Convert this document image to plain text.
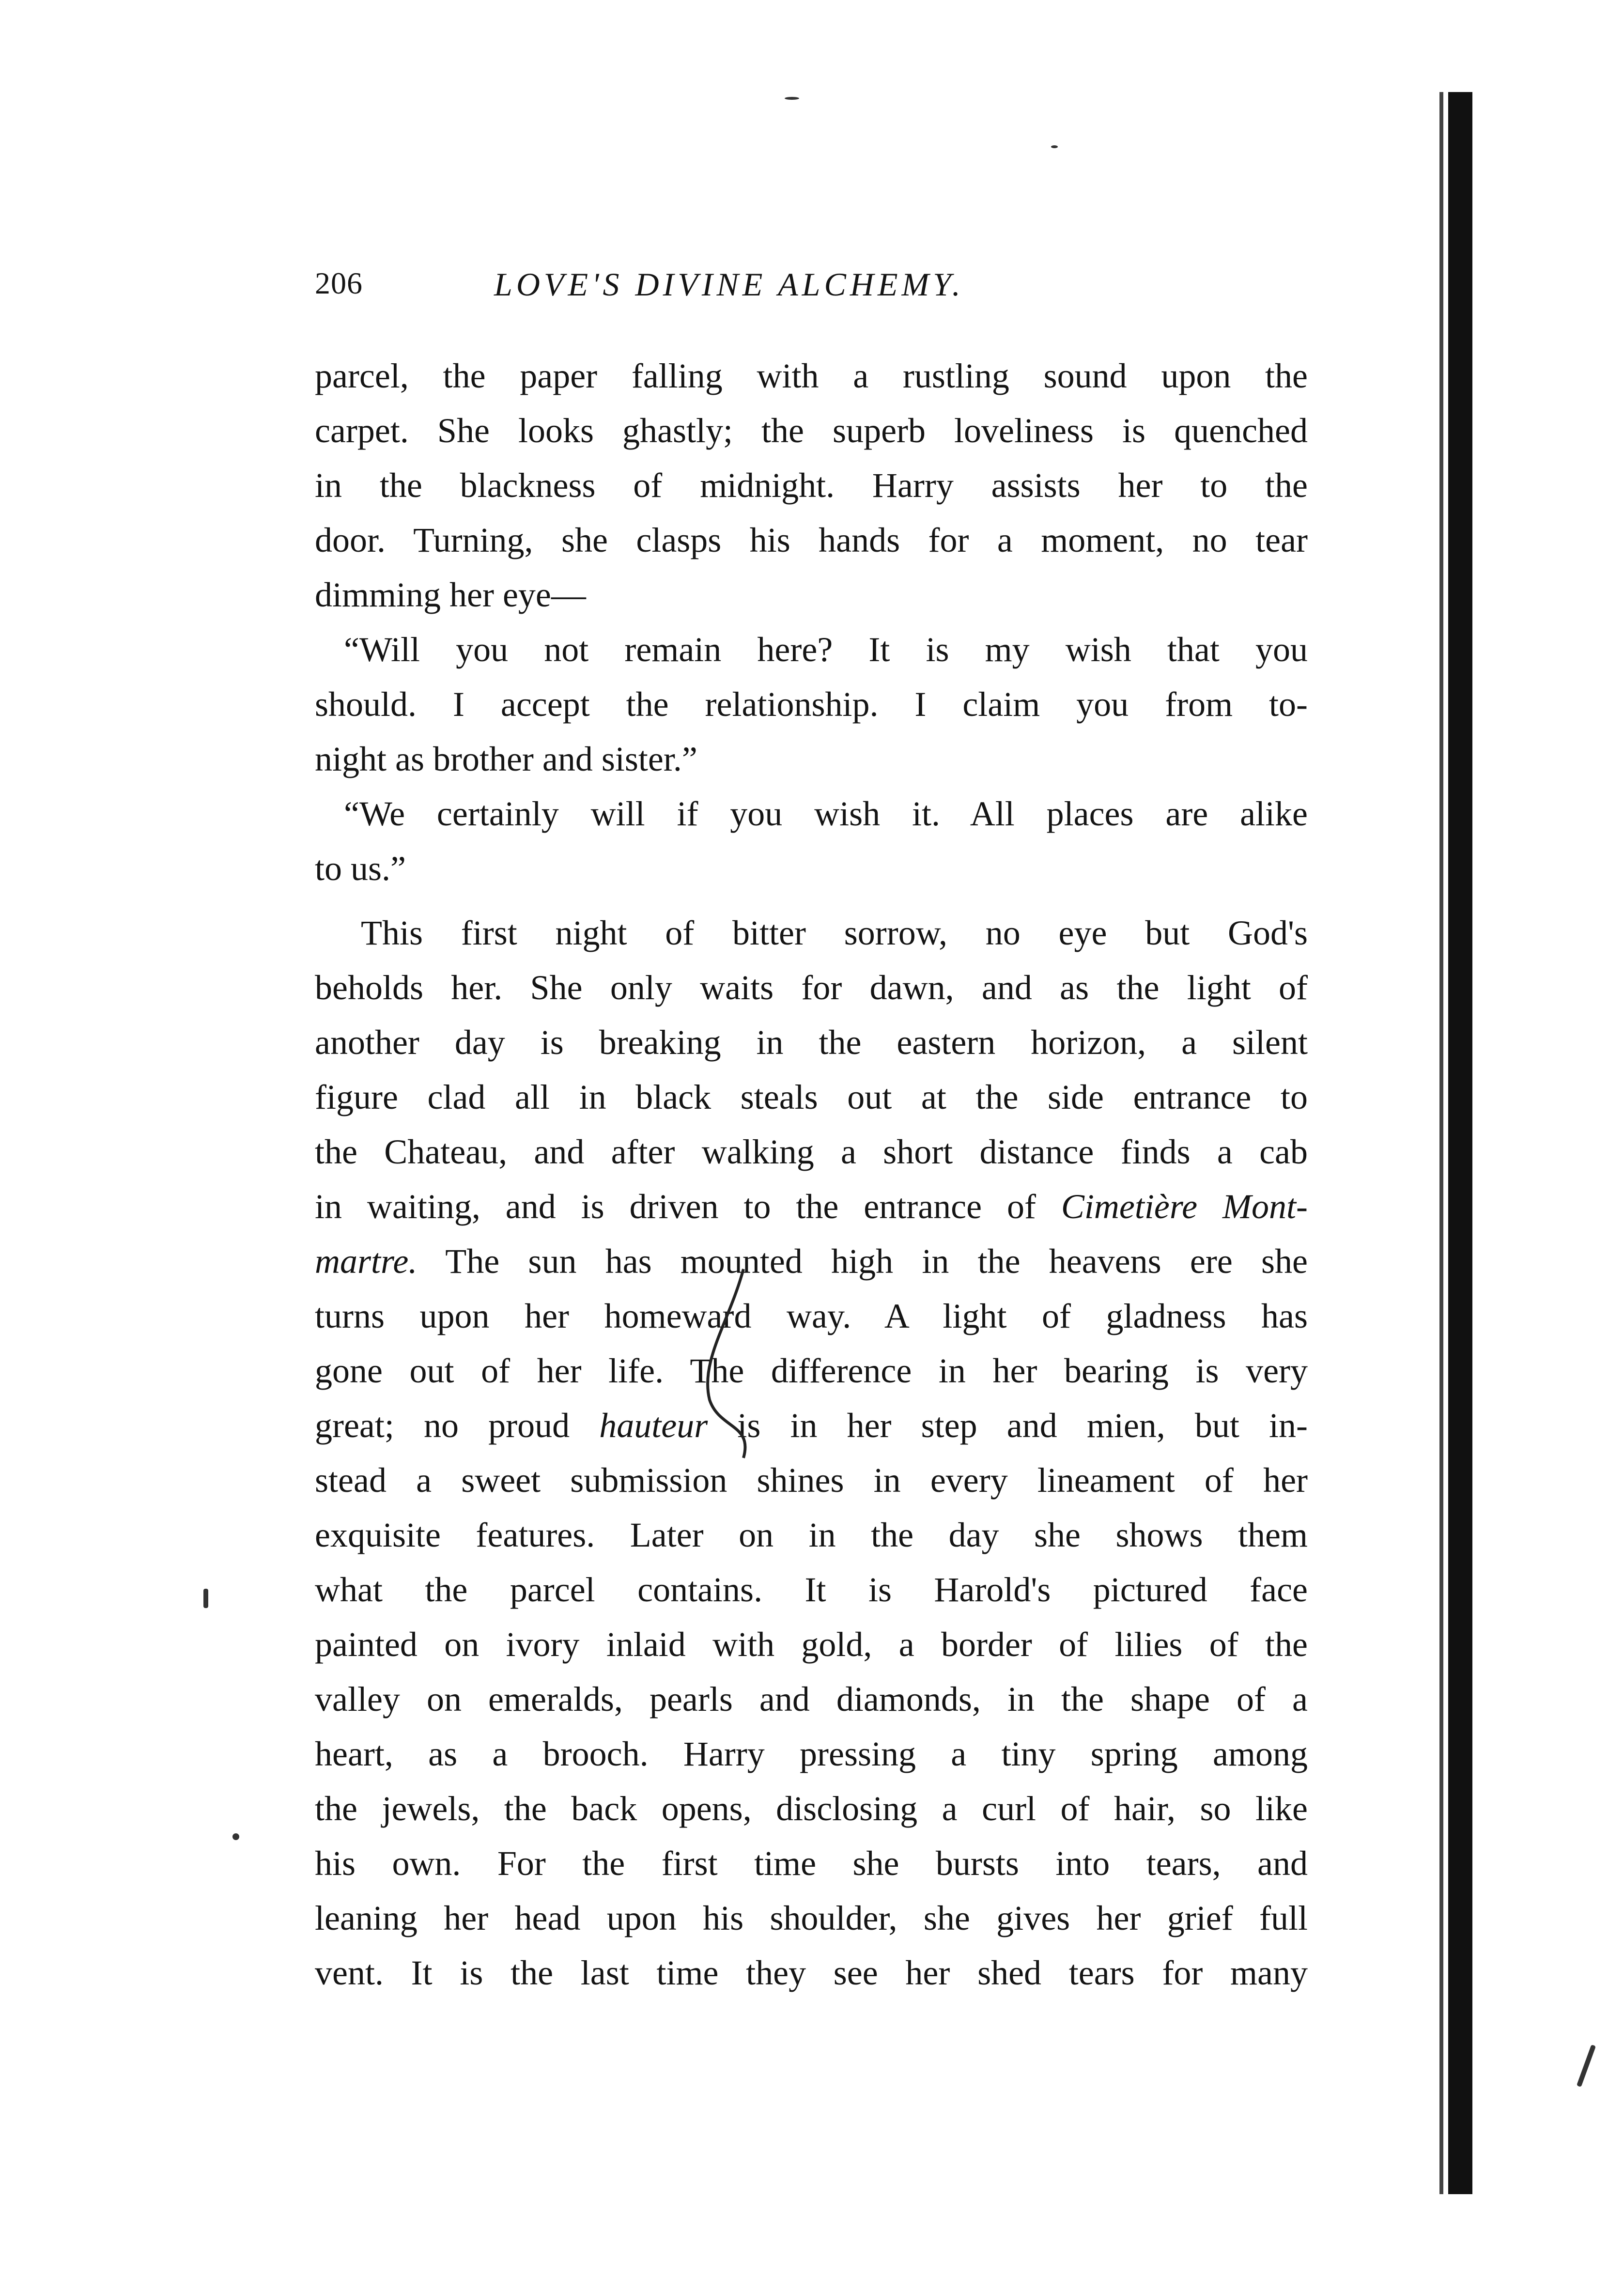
206	LOVE'S DIVINE ALCHEMY.
parcel, the paper falling with a rustling sound upon the
carpet. She looks ghastly; the superb loveliness is quenched
in the blackness of midnight. Harry assists her to the
door. Turning, she clasps his hands for a moment, no tear
dimming her eye—
“Will you not remain here? It is my wish that you
should. I accept the relationship. I claim you from to-
night as brother and sister.”
“We certainly will if you wish it. All places are alike
to us.”
This first night of bitter sorrow, no eye but God's
beholds her. She only waits for dawn, and as the light of
another day is breaking in the eastern horizon, a silent
figure clad all in black steals out at the side entrance to
the Chateau, and after walking a short distance finds a cab
in waiting, and is driven to the entrance of Cimetière Mont-
martre. The sun has mounted high in the heavens ere she
turns upon her homeward way. A light of gladness has
gone out of her life. The difference in her bearing is very
great; no proud hauteur is in her step and mien, but in-
stead a sweet submission shines in every lineament of her
exquisite features. Later on in the day she shows them
what the parcel contains. It is Harold's pictured face
painted on ivory inlaid with gold, a border of lilies of the
valley on emeralds, pearls and diamonds, in the shape of a
heart, as a brooch. Harry pressing a tiny spring among
the jewels, the back opens, disclosing a curl of hair, so like
his own. For the first time she bursts into tears, and
leaning her head upon his shoulder, she gives her grief full
vent. It is the last time they see her shed tears for many
